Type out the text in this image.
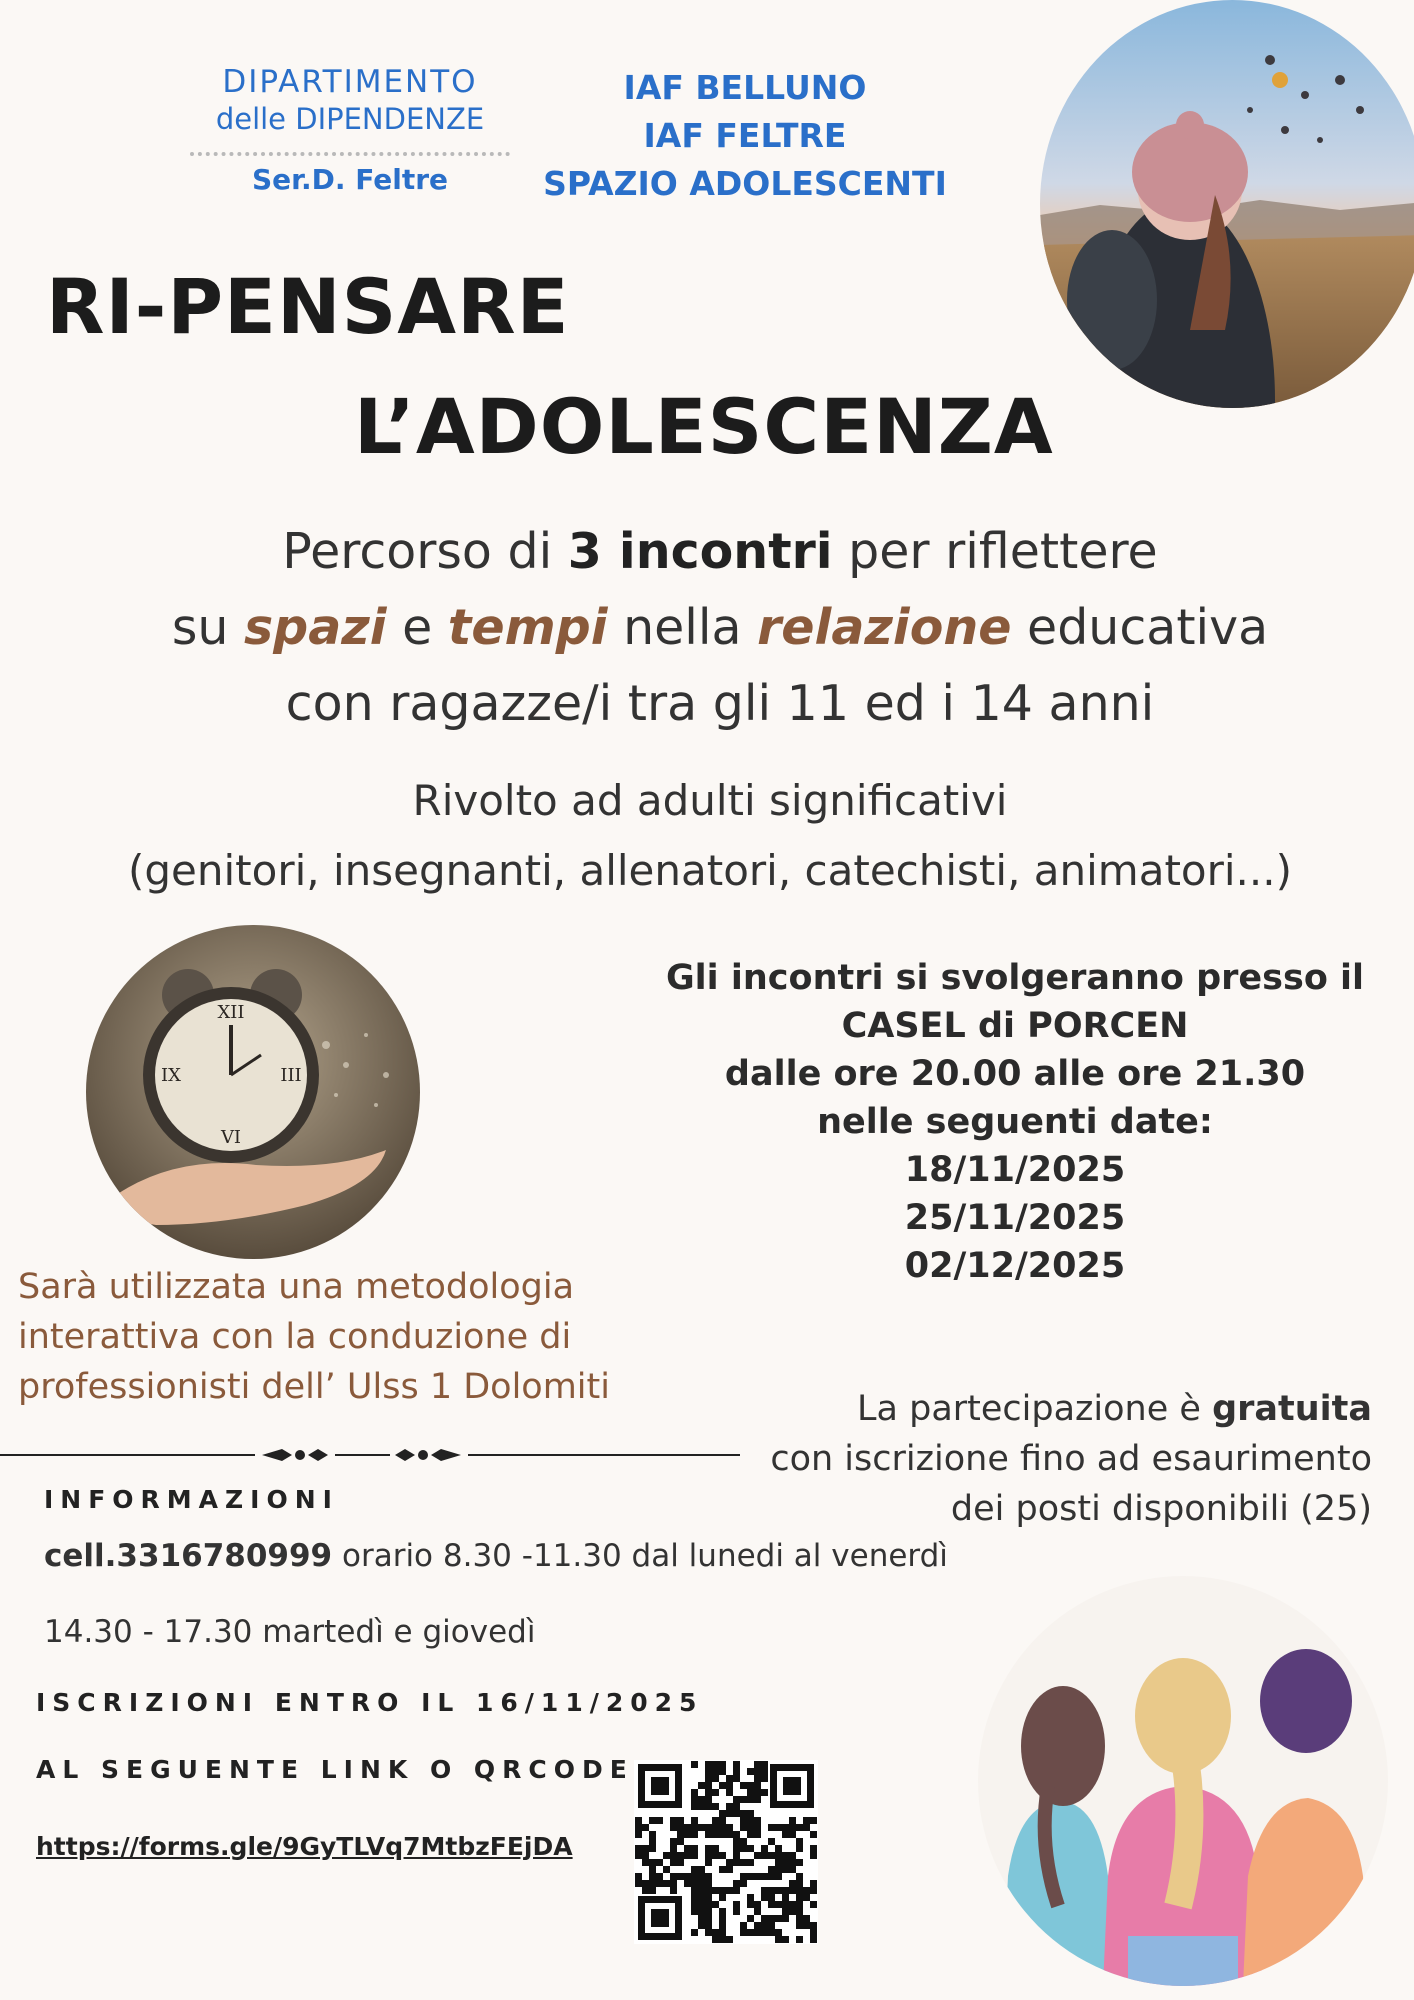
DIPARTIMENTO
delle DIPENDENZE
Ser.D. Feltre
IAF BELLUNO
IAF FELTRE
SPAZIO ADOLESCENTI
RI-PENSARE
L’ADOLESCENZA
Percorso di 3 incontri per riflettere
su spazi e tempi nella relazione educativa
con ragazze/i tra gli 11 ed i 14 anni
Rivolto ad adulti significativi
(genitori, insegnanti, allenatori, catechisti, animatori...)
XII
III
VI
IX
Gli incontri si svolgeranno presso il
CASEL di PORCEN
dalle ore 20.00 alle ore 21.30
nelle seguenti date:
18/11/2025
25/11/2025
02/12/2025
Sarà utilizzata una metodologia
interattiva con la conduzione di
professionisti dell’ Ulss 1 Dolomiti
La partecipazione è gratuita
con iscrizione fino ad esaurimento
dei posti disponibili (25)
INFORMAZIONI
cell.3316780999 orario 8.30 -11.30 dal lunedi al venerdì
14.30 - 17.30 martedì e giovedì
ISCRIZIONI ENTRO IL 16/11/2025
AL SEGUENTE LINK O QRCODE
https://forms.gle/9GyTLVq7MtbzFEjDA
